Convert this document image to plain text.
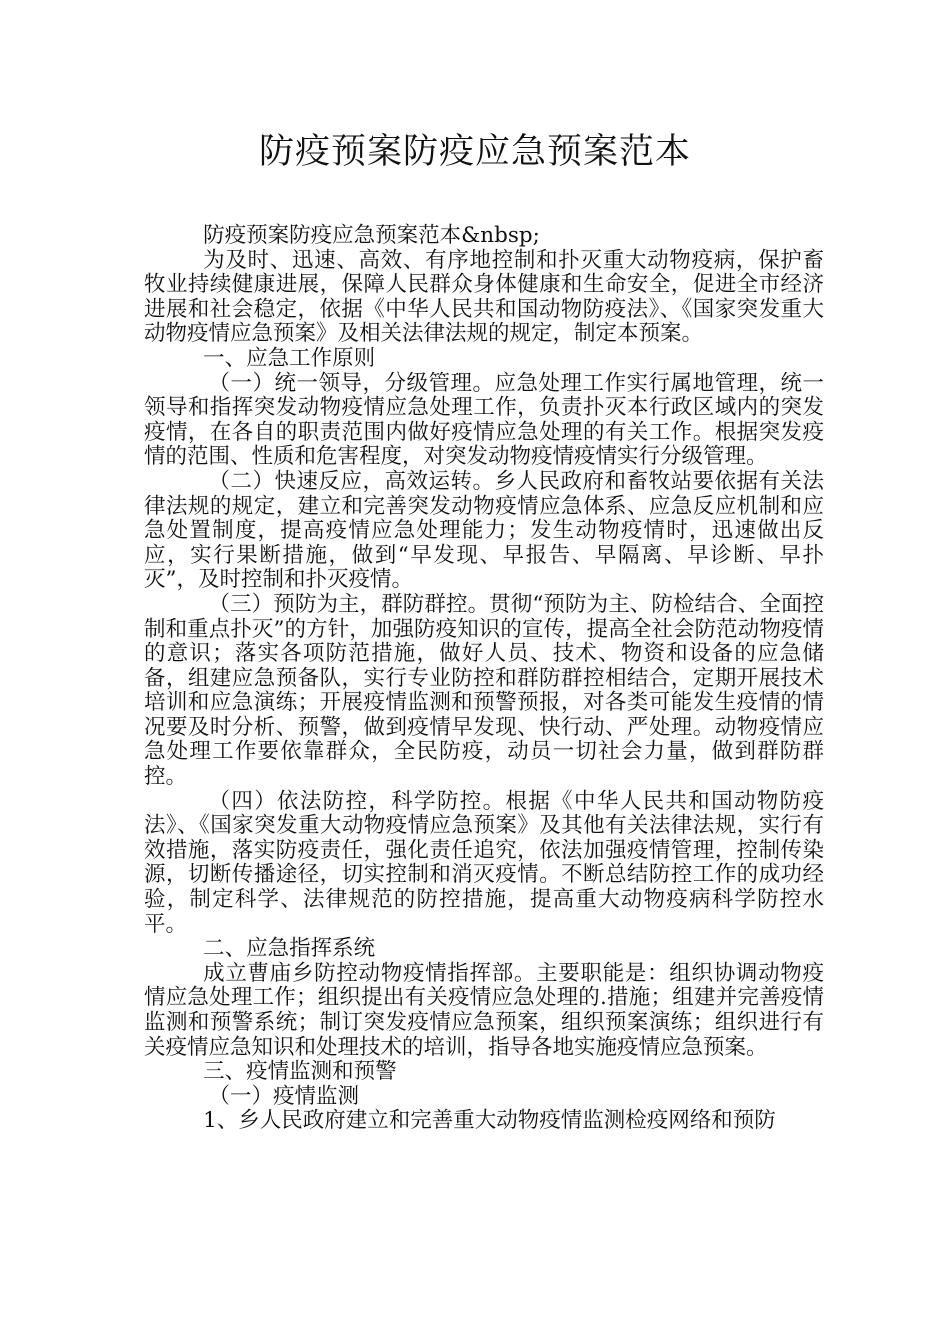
防疫预案防疫应急预案范本

防疫预案防疫应急预案范本&nbsp;

为及时、迅速、高效、有序地控制和扑灭重大动物疫病，保护畜牧业持续健康进展，保障人民群众身体健康和生命安全，促进全市经济进展和社会稳定，依据《中华人民共和国动物防疫法》、《国家突发重大动物疫情应急预案》及相关法律法规的规定，制定本预案。

一、应急工作原则

（一）统一领导，分级管理。应急处理工作实行属地管理，统一领导和指挥突发动物疫情应急处理工作，负责扑灭本行政区域内的突发疫情，在各自的职责范围内做好疫情应急处理的有关工作。根据突发疫情的范围、性质和危害程度，对突发动物疫情疫情实行分级管理。

（二）快速反应，高效运转。乡人民政府和畜牧站要依据有关法律法规的规定，建立和完善突发动物疫情应急体系、应急反应机制和应急处置制度，提高疫情应急处理能力；发生动物疫情时，迅速做出反应，实行果断措施，做到“早发现、早报告、早隔离、早诊断、早扑灭”，及时控制和扑灭疫情。

（三）预防为主，群防群控。贯彻“预防为主、防检结合、全面控制和重点扑灭”的方针，加强防疫知识的宣传，提高全社会防范动物疫情的意识；落实各项防范措施，做好人员、技术、物资和设备的应急储备，组建应急预备队，实行专业防控和群防群控相结合，定期开展技术培训和应急演练；开展疫情监测和预警预报，对各类可能发生疫情的情况要及时分析、预警，做到疫情早发现、快行动、严处理。动物疫情应急处理工作要依靠群众，全民防疫，动员一切社会力量，做到群防群控。

（四）依法防控，科学防控。根据《中华人民共和国动物防疫法》、《国家突发重大动物疫情应急预案》及其他有关法律法规，实行有效措施，落实防疫责任，强化责任追究，依法加强疫情管理，控制传染源，切断传播途径，切实控制和消灭疫情。不断总结防控工作的成功经验，制定科学、法律规范的防控措施，提高重大动物疫病科学防控水平。

二、应急指挥系统

成立曹庙乡防控动物疫情指挥部。主要职能是：组织协调动物疫情应急处理工作；组织提出有关疫情应急处理的.措施；组建并完善疫情监测和预警系统；制订突发疫情应急预案，组织预案演练；组织进行有关疫情应急知识和处理技术的培训，指导各地实施疫情应急预案。

三、疫情监测和预警

（一）疫情监测

1、乡人民政府建立和完善重大动物疫情监测检疫网络和预防
